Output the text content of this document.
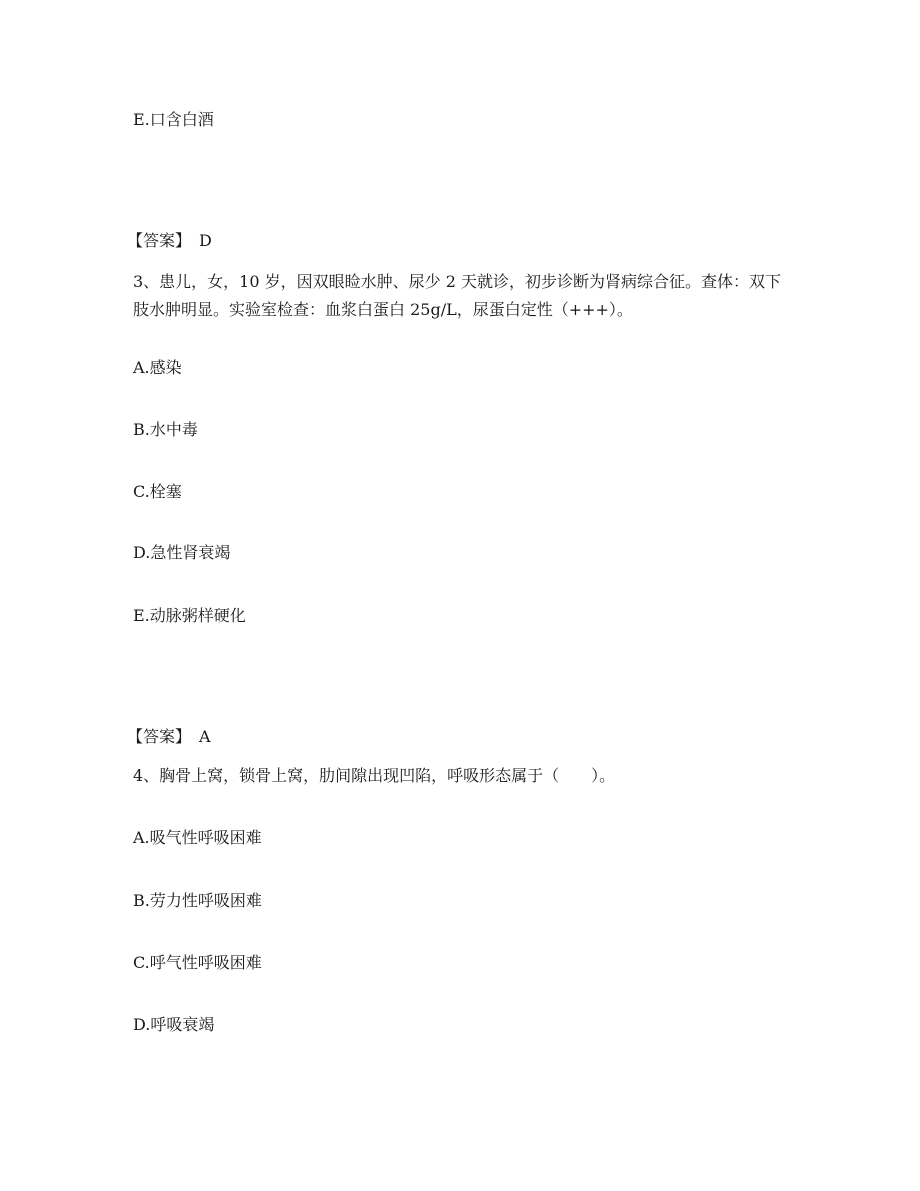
E.口含白酒

【答案】　D

3、患儿，女，10 岁，因双眼睑水肿、尿少 2 天就诊，初步诊断为肾病综合征。查体：双下肢水肿明显。实验室检查：血浆白蛋白 25g/L，尿蛋白定性（+++）。

A.感染

B.水中毒

C.栓塞

D.急性肾衰竭

E.动脉粥样硬化

【答案】　A

4、胸骨上窝，锁骨上窝，肋间隙出现凹陷，呼吸形态属于（　　）。

A.吸气性呼吸困难

B.劳力性呼吸困难

C.呼气性呼吸困难

D.呼吸衰竭
